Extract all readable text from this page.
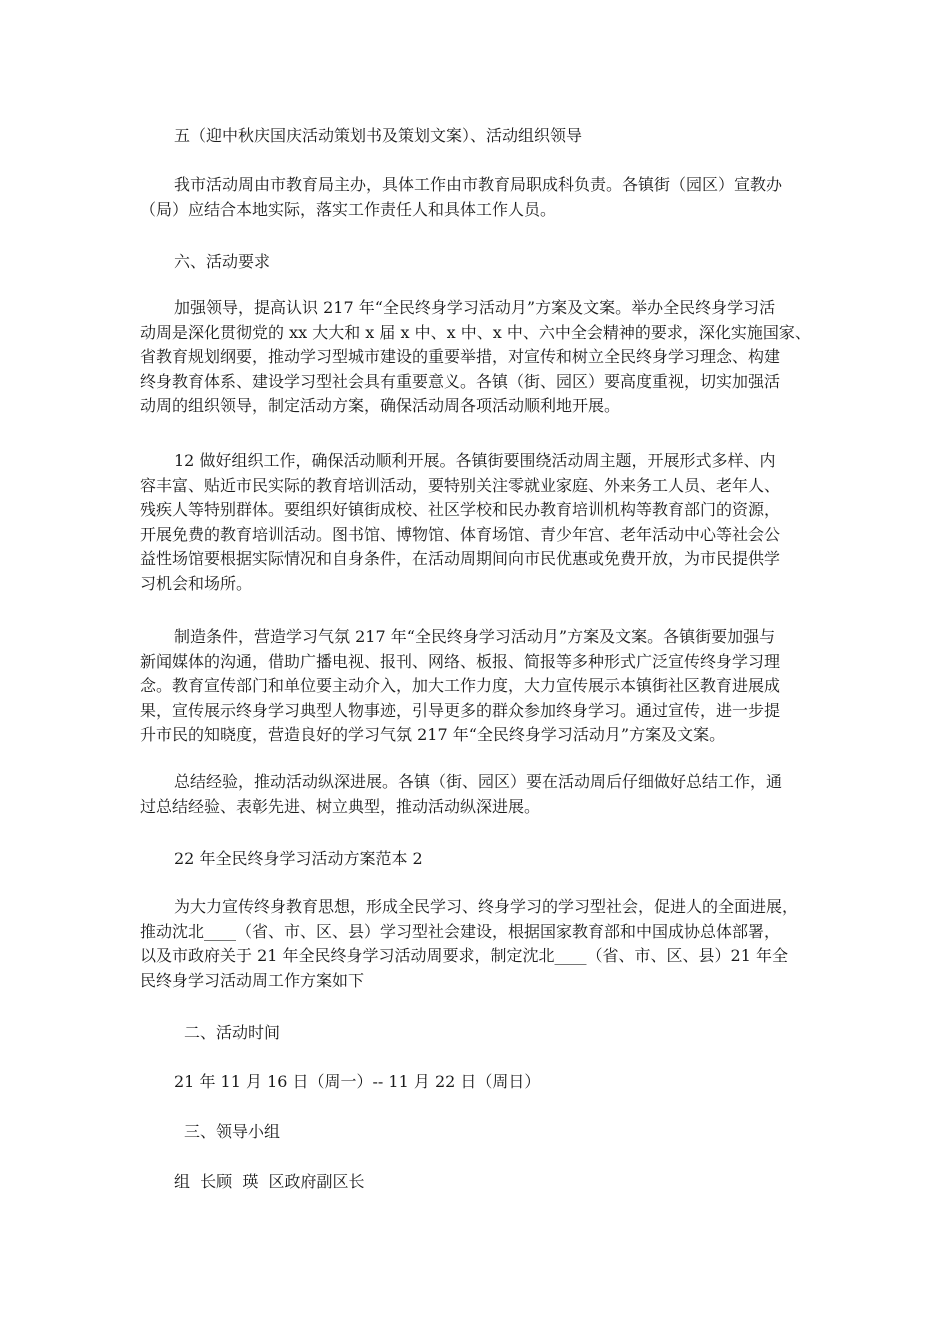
五（迎中秋庆国庆活动策划书及策划文案）、活动组织领导

我市活动周由市教育局主办，具体工作由市教育局职成科负责。各镇街（园区）宣教办
（局）应结合本地实际，落实工作责任人和具体工作人员。

六、活动要求

加强领导，提高认识 217 年“全民终身学习活动月”方案及文案。举办全民终身学习活
动周是深化贯彻党的 xx 大大和 x 届 x 中、x 中、x 中、六中全会精神的要求，深化实施国家、
省教育规划纲要，推动学习型城市建设的重要举措，对宣传和树立全民终身学习理念、构建
终身教育体系、建设学习型社会具有重要意义。各镇（街、园区）要高度重视，切实加强活
动周的组织领导，制定活动方案，确保活动周各项活动顺利地开展。

12 做好组织工作，确保活动顺利开展。各镇街要围绕活动周主题，开展形式多样、内
容丰富、贴近市民实际的教育培训活动，要特别关注零就业家庭、外来务工人员、老年人、
残疾人等特别群体。要组织好镇街成校、社区学校和民办教育培训机构等教育部门的资源，
开展免费的教育培训活动。图书馆、博物馆、体育场馆、青少年宫、老年活动中心等社会公
益性场馆要根据实际情况和自身条件，在活动周期间向市民优惠或免费开放，为市民提供学
习机会和场所。

制造条件，营造学习气氛 217 年“全民终身学习活动月”方案及文案。各镇街要加强与
新闻媒体的沟通，借助广播电视、报刊、网络、板报、简报等多种形式广泛宣传终身学习理
念。教育宣传部门和单位要主动介入，加大工作力度，大力宣传展示本镇街社区教育进展成
果，宣传展示终身学习典型人物事迹，引导更多的群众参加终身学习。通过宣传，进一步提
升市民的知晓度，营造良好的学习气氛 217 年“全民终身学习活动月”方案及文案。

总结经验，推动活动纵深进展。各镇（街、园区）要在活动周后仔细做好总结工作，通
过总结经验、表彰先进、树立典型，推动活动纵深进展。

22 年全民终身学习活动方案范本 2

为大力宣传终身教育思想，形成全民学习、终身学习的学习型社会，促进人的全面进展，
推动沈北____（省、市、区、县）学习型社会建设，根据国家教育部和中国成协总体部署，
以及市政府关于 21 年全民终身学习活动周要求，制定沈北____（省、市、区、县）21 年全
民终身学习活动周工作方案如下

二、活动时间

21 年 11 月 16 日（周一）-- 11 月 22 日（周日）

三、领导小组

组  长顾  瑛  区政府副区长
